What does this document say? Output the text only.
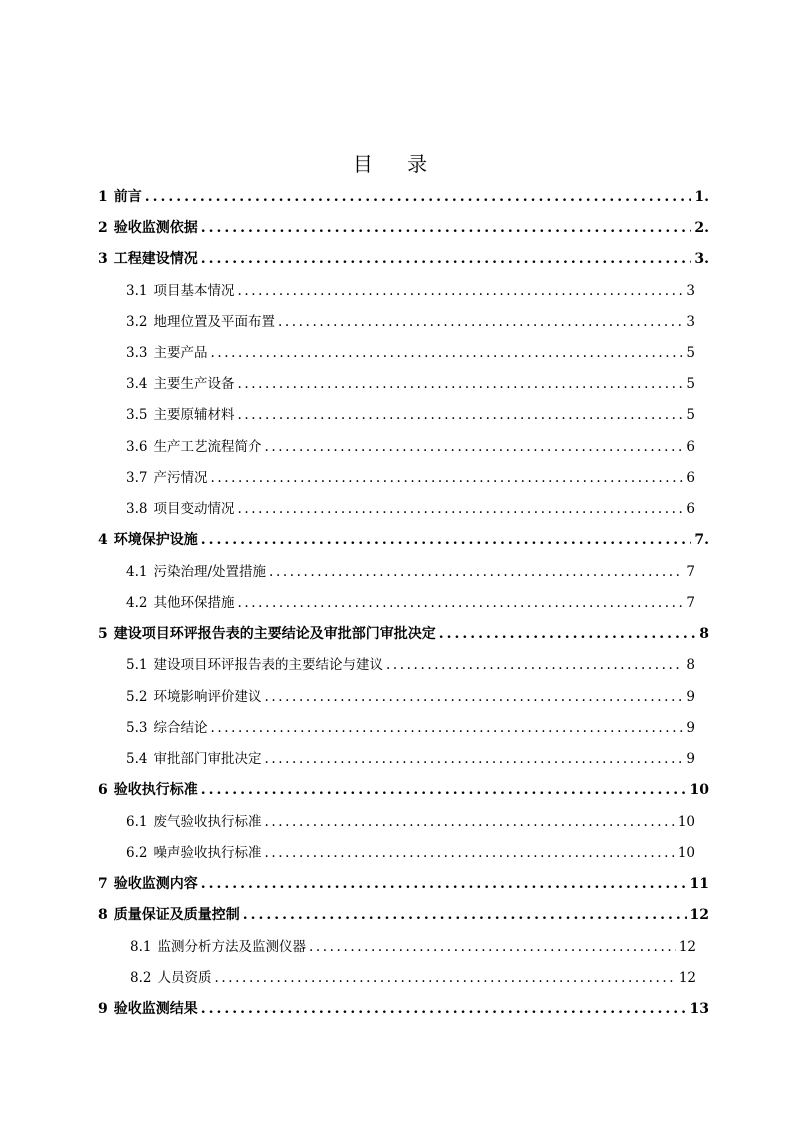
目 录
1 前言 .....	1.
2 验收监测依据 .....	2.
3 工程建设情况 .....	3.
3.1 项目基本情况 .....	3
3.2 地理位置及平面布置 .....	3
3.3 主要产品 .....	5
3.4 主要生产设备 .....	5
3.5 主要原辅材料 .....	5
3.6 生产工艺流程简介 .....	6
3.7 产污情况 .....	6
3.8 项目变动情况 .....	6
4 环境保护设施 .....	7.
4.1 污染治理/处置措施 .....	7
4.2 其他环保措施 .....	7
5 建设项目环评报告表的主要结论及审批部门审批决定 .....	8
5.1 建设项目环评报告表的主要结论与建议 .....	8
5.2 环境影响评价建议 .....	9
5.3 综合结论 .....	9
5.4 审批部门审批决定 .....	9
6 验收执行标准 .....	10
6.1 废气验收执行标准 .....	10
6.2 噪声验收执行标准 .....	10
7 验收监测内容 .....	11
8 质量保证及质量控制 .....	12
8.1 监测分析方法及监测仪器 .....	12
8.2 人员资质 .....	12
9 验收监测结果 .....	13
